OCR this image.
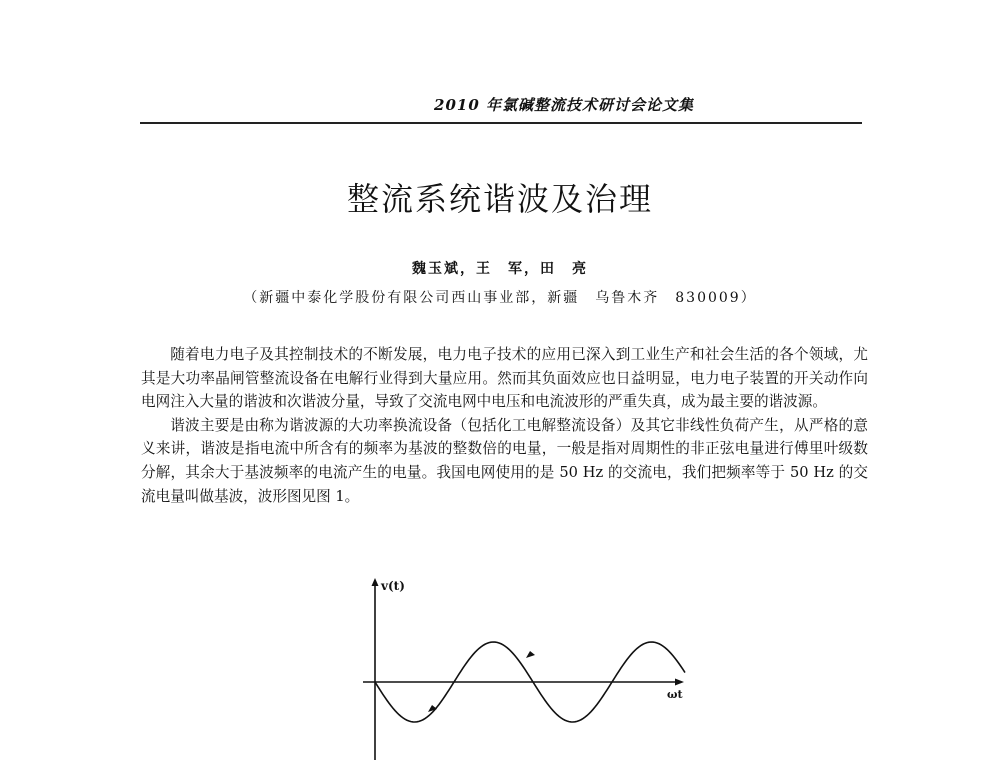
2010 年氯碱整流技术研讨会论文集
整流系统谐波及治理
魏玉斌，王　军，田　亮
（新疆中泰化学股份有限公司西山事业部，新疆　乌鲁木齐　830009）

随着电力电子及其控制技术的不断发展，电力电子技术的应用已深入到工业生产和社会生活的各个领域，尤其是大功率晶闸管整流设备在电解行业得到大量应用。然而其负面效应也日益明显，电力电子装置的开关动作向电网注入大量的谐波和次谐波分量，导致了交流电网中电压和电流波形的严重失真，成为最主要的谐波源。

谐波主要是由称为谐波源的大功率换流设备（包括化工电解整流设备）及其它非线性负荷产生，从严格的意义来讲，谐波是指电流中所含有的频率为基波的整数倍的电量，一般是指对周期性的非正弦电量进行傅里叶级数分解，其余大于基波频率的电流产生的电量。我国电网使用的是 50 Hz 的交流电，我们把频率等于 50 Hz 的交流电量叫做基波，波形图见图 1。

v(t)
ωt
